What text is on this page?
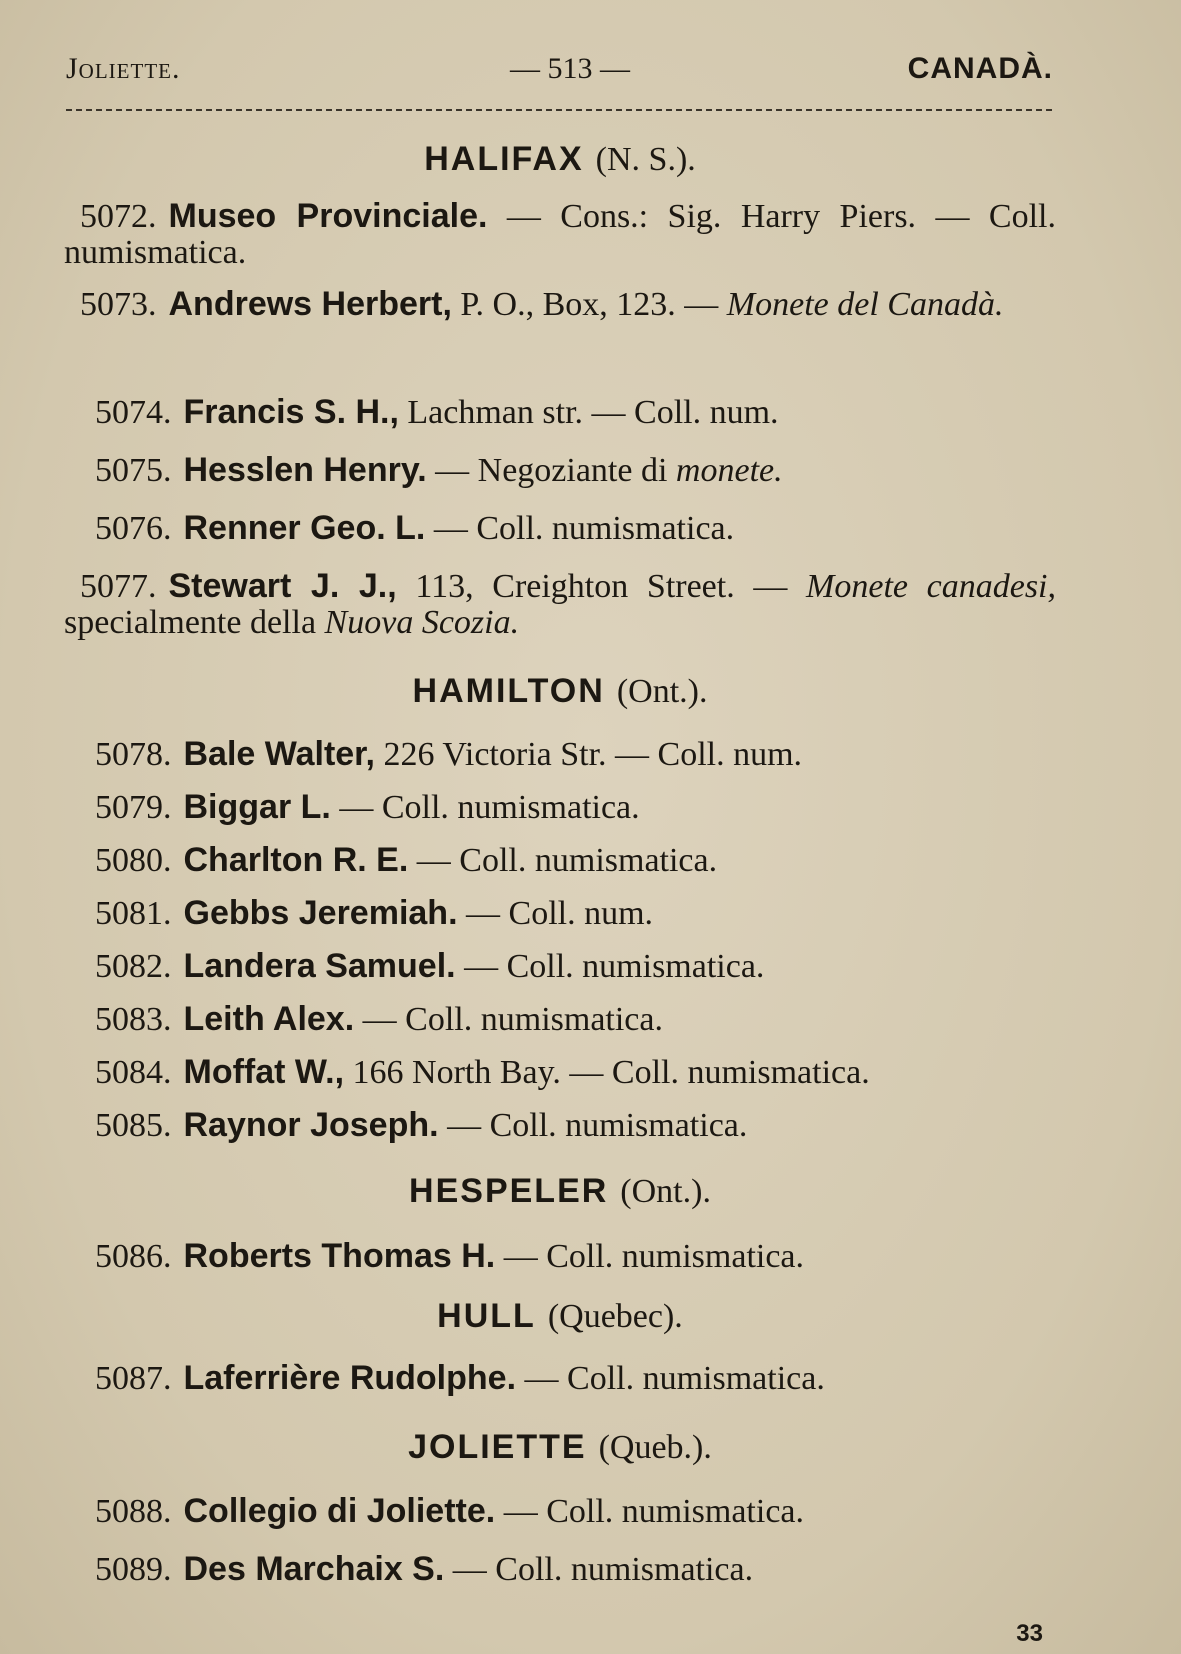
Joliette.	— 513 —	CANADÀ.
HALIFAX (N. S.).
5072. Museo Provinciale. — Cons.: Sig. Harry Piers. — Coll. numismatica.
5073. Andrews Herbert, P. O., Box, 123. — Monete del Canadà.
5074. Francis S. H., Lachman str. — Coll. num.
5075. Hesslen Henry. — Negoziante di monete.
5076. Renner Geo. L. — Coll. numismatica.
5077. Stewart J. J., 113, Creighton Street. — Monete canadesi, specialmente della Nuova Scozia.
HAMILTON (Ont.).
5078. Bale Walter, 226 Victoria Str. — Coll. num.
5079. Biggar L. — Coll. numismatica.
5080. Charlton R. E. — Coll. numismatica.
5081. Gebbs Jeremiah. — Coll. num.
5082. Landera Samuel. — Coll. numismatica.
5083. Leith Alex. — Coll. numismatica.
5084. Moffat W., 166 North Bay. — Coll. numismatica.
5085. Raynor Joseph. — Coll. numismatica.
HESPELER (Ont.).
5086. Roberts Thomas H. — Coll. numismatica.
HULL (Quebec).
5087. Laferrière Rudolphe. — Coll. numismatica.
JOLIETTE (Queb.).
5088. Collegio di Joliette. — Coll. numismatica.
5089. Des Marchaix S. — Coll. numismatica.
33
